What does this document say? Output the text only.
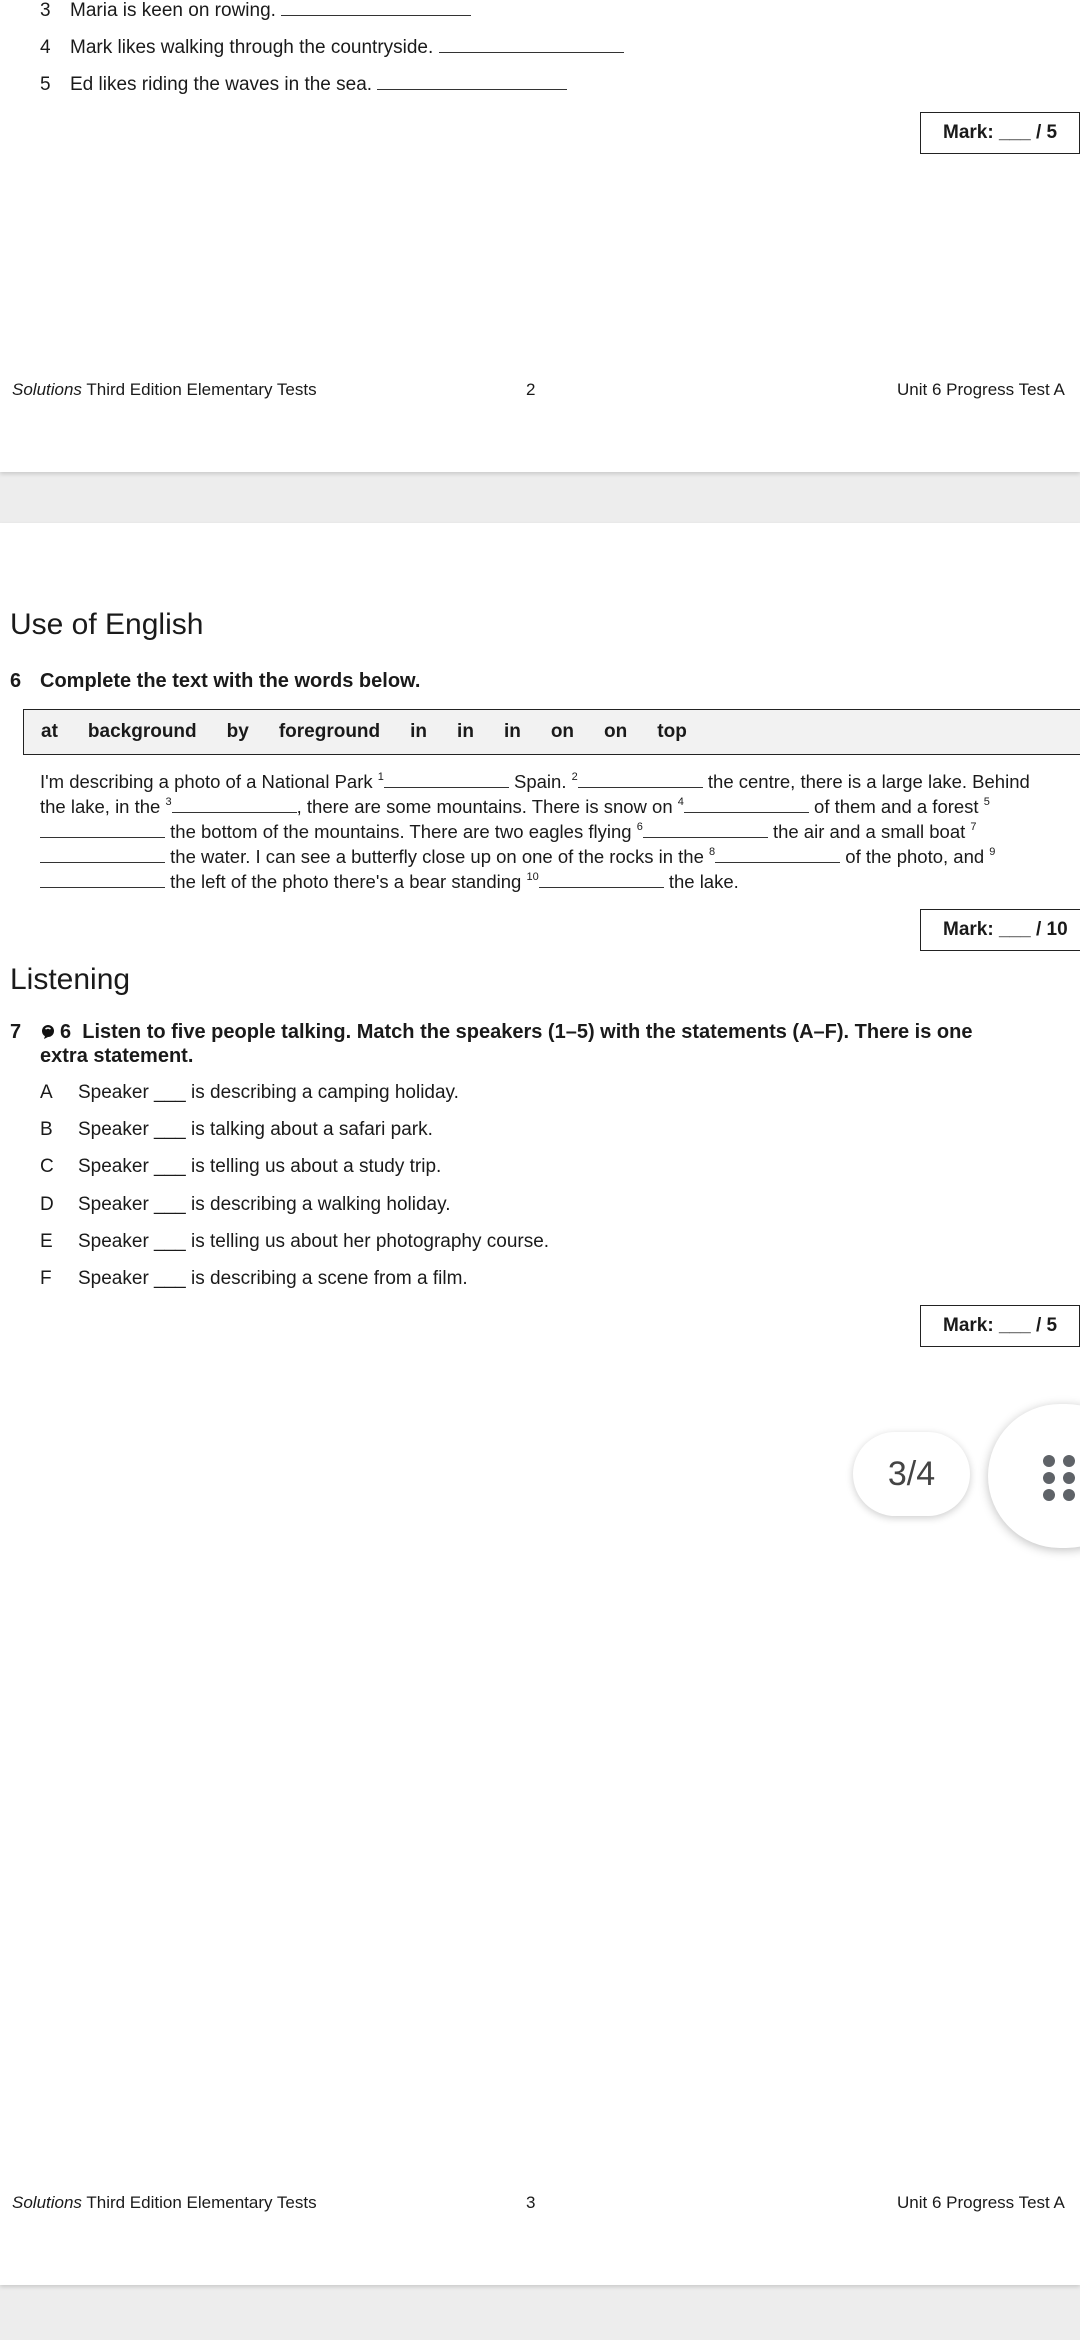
3 Maria is keen on rowing.
4 Mark likes walking through the countryside.
5 Ed likes riding the waves in the sea.
Mark: ___ / 5
Solutions Third Edition Elementary Tests	2	Unit 6 Progress Test A
Use of English
6 Complete the text with the words below.
at background by foreground in in in on on top
I'm describing a photo of a National Park $^1$	Spain. $^2$	the centre, there is a large lake. Behind the lake, in the $^3$	, there are some mountains. There is snow on $^4$	of them and a forest $^5$ the bottom of the mountains. There are two eagles flying $^6$	the air and a small boat $^7$ the water. I can see a butterfly close up on one of the rocks in the $^8$	of the photo, and $^9$ the left of the photo there's a bear standing $^{10}$	the lake.
Mark: ___ / 10
Listening
7 6 Listen to five people talking. Match the speakers (1–5) with the statements (A–F). There is one
extra statement.
A Speaker ___ is describing a camping holiday.
B Speaker ___ is talking about a safari park.
C Speaker ___ is telling us about a study trip.
D Speaker ___ is describing a walking holiday.
E Speaker ___ is telling us about her photography course.
F Speaker ___ is describing a scene from a film.
Mark: ___ / 5
Solutions Third Edition Elementary Tests	3	Unit 6 Progress Test A
3/4
